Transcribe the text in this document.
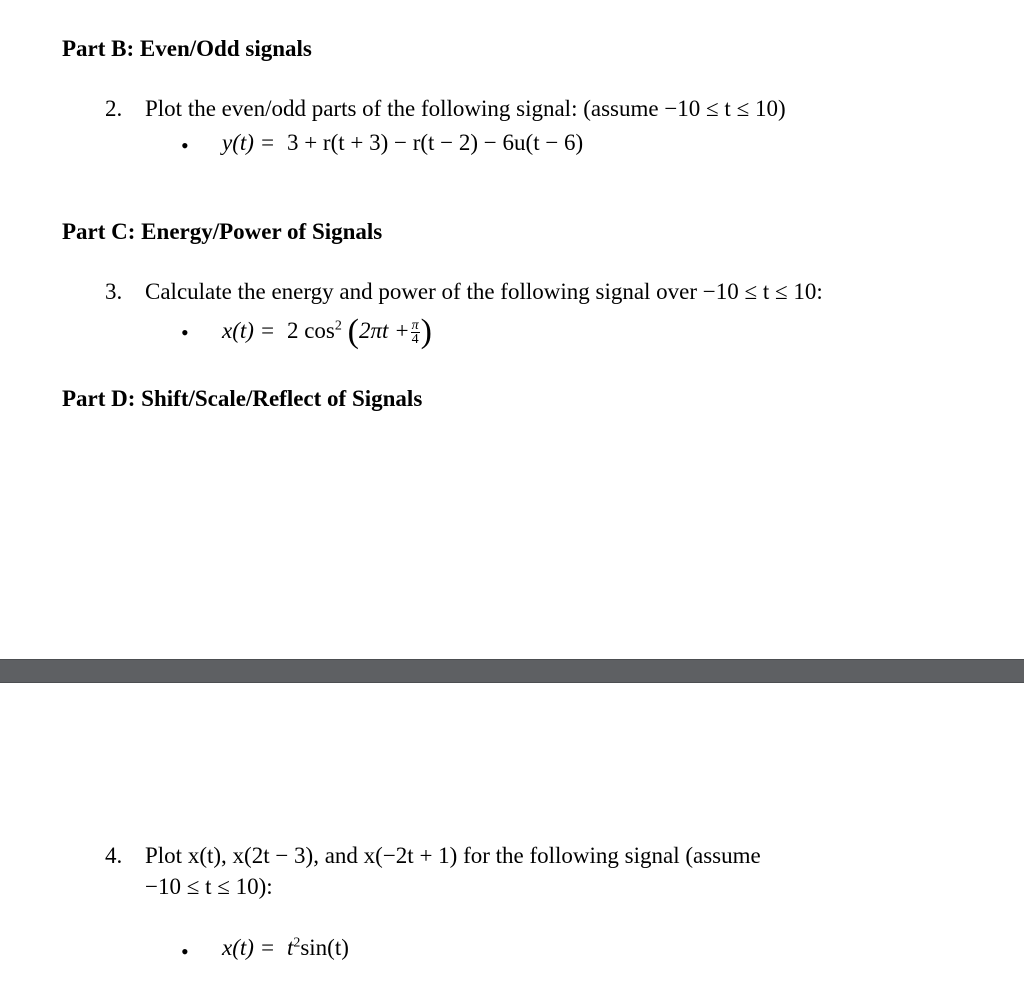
Part B: Even/Odd signals
2. Plot the even/odd parts of the following signal: (assume −10 ≤ t ≤ 10)
• y(t) = 3 + r(t + 3) − r(t − 2) − 6u(t − 6)
Part C: Energy/Power of Signals
3. Calculate the energy and power of the following signal over −10 ≤ t ≤ 10:
• x(t) = 2 $\cos^2 (2\pi t + \frac{\pi}{4}$ )
Part D: Shift/Scale/Reflect of Signals
4. Plot x(t), x(2t − 3), and x(−2t + 1) for the following signal (assume
−10 ≤ t ≤ 10):
• $x(t) = t^2\sin(t)$
